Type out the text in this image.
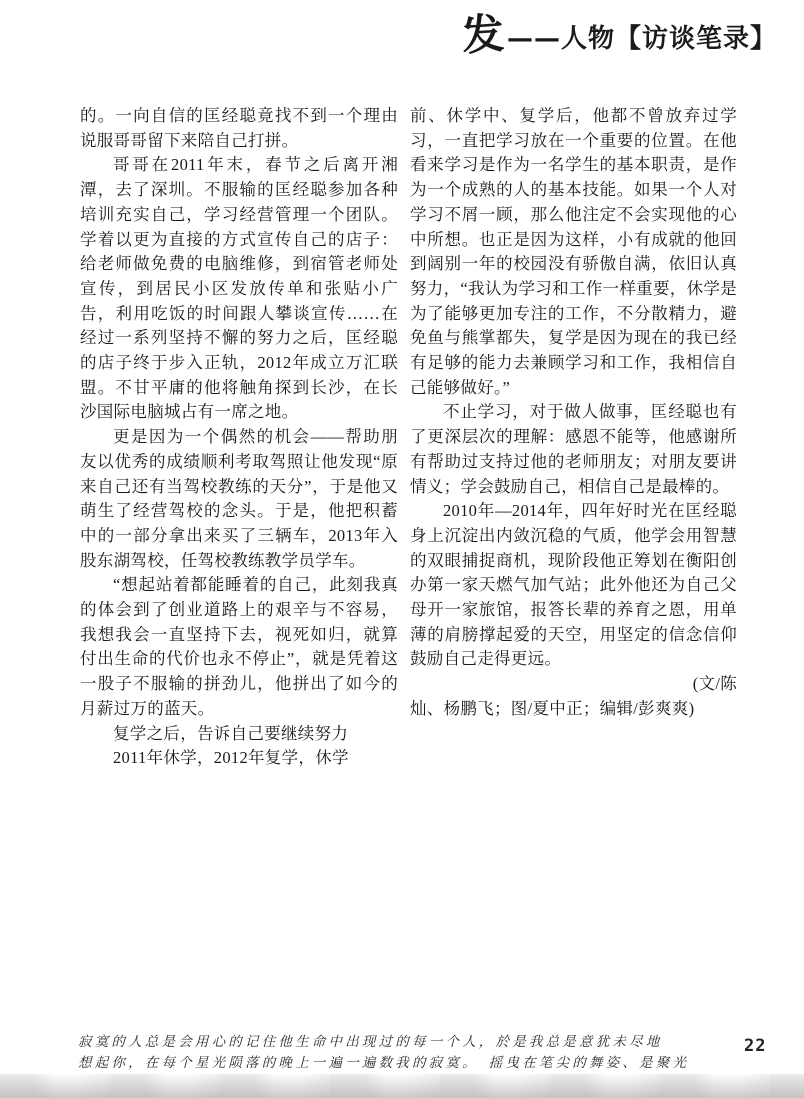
发 ——人物【访谈笔录】

的。一向自信的匡经聪竟找不到一个理由说服哥哥留下来陪自己打拼。

哥哥在2011年末，春节之后离开湘潭，去了深圳。不服输的匡经聪参加各种培训充实自己，学习经营管理一个团队。学着以更为直接的方式宣传自己的店子：给老师做免费的电脑维修，到宿管老师处宣传，到居民小区发放传单和张贴小广告，利用吃饭的时间跟人攀谈宣传……在经过一系列坚持不懈的努力之后，匡经聪的店子终于步入正轨，2012年成立万汇联盟。不甘平庸的他将触角探到长沙，在长沙国际电脑城占有一席之地。

更是因为一个偶然的机会——帮助朋友以优秀的成绩顺利考取驾照让他发现“原来自己还有当驾校教练的天分”，于是他又萌生了经营驾校的念头。于是，他把积蓄中的一部分拿出来买了三辆车，2013年入股东湖驾校，任驾校教练教学员学车。

“想起站着都能睡着的自己，此刻我真的体会到了创业道路上的艰辛与不容易，我想我会一直坚持下去，视死如归，就算付出生命的代价也永不停止”，就是凭着这一股子不服输的拼劲儿，他拼出了如今的月薪过万的蓝天。

复学之后，告诉自己要继续努力

2011年休学，2012年复学，休学

前、休学中、复学后，他都不曾放弃过学习，一直把学习放在一个重要的位置。在他看来学习是作为一名学生的基本职责，是作为一个成熟的人的基本技能。如果一个人对学习不屑一顾，那么他注定不会实现他的心中所想。也正是因为这样，小有成就的他回到阔别一年的校园没有骄傲自满，依旧认真努力，“我认为学习和工作一样重要，休学是为了能够更加专注的工作，不分散精力，避免鱼与熊掌都失，复学是因为现在的我已经有足够的能力去兼顾学习和工作，我相信自己能够做好。”

不止学习，对于做人做事，匡经聪也有了更深层次的理解：感恩不能等，他感谢所有帮助过支持过他的老师朋友；对朋友要讲情义；学会鼓励自己，相信自己是最棒的。

2010年—2014年，四年好时光在匡经聪身上沉淀出内敛沉稳的气质，他学会用智慧的双眼捕捉商机，现阶段他正筹划在衡阳创办第一家天燃气加气站；此外他还为自己父母开一家旅馆，报答长辈的养育之恩，用单薄的肩膀撑起爱的天空，用坚定的信念信仰鼓励自己走得更远。

(文/陈

灿、杨鹏飞；图/夏中正；编辑/彭爽爽)

寂寞的人总是会用心的记住他生命中出现过的每一个人，於是我总是意犹未尽地
想起你，在每个星光陨落的晚上一遍一遍数我的寂寞。　摇曳在笔尖的舞姿、是聚光
22
